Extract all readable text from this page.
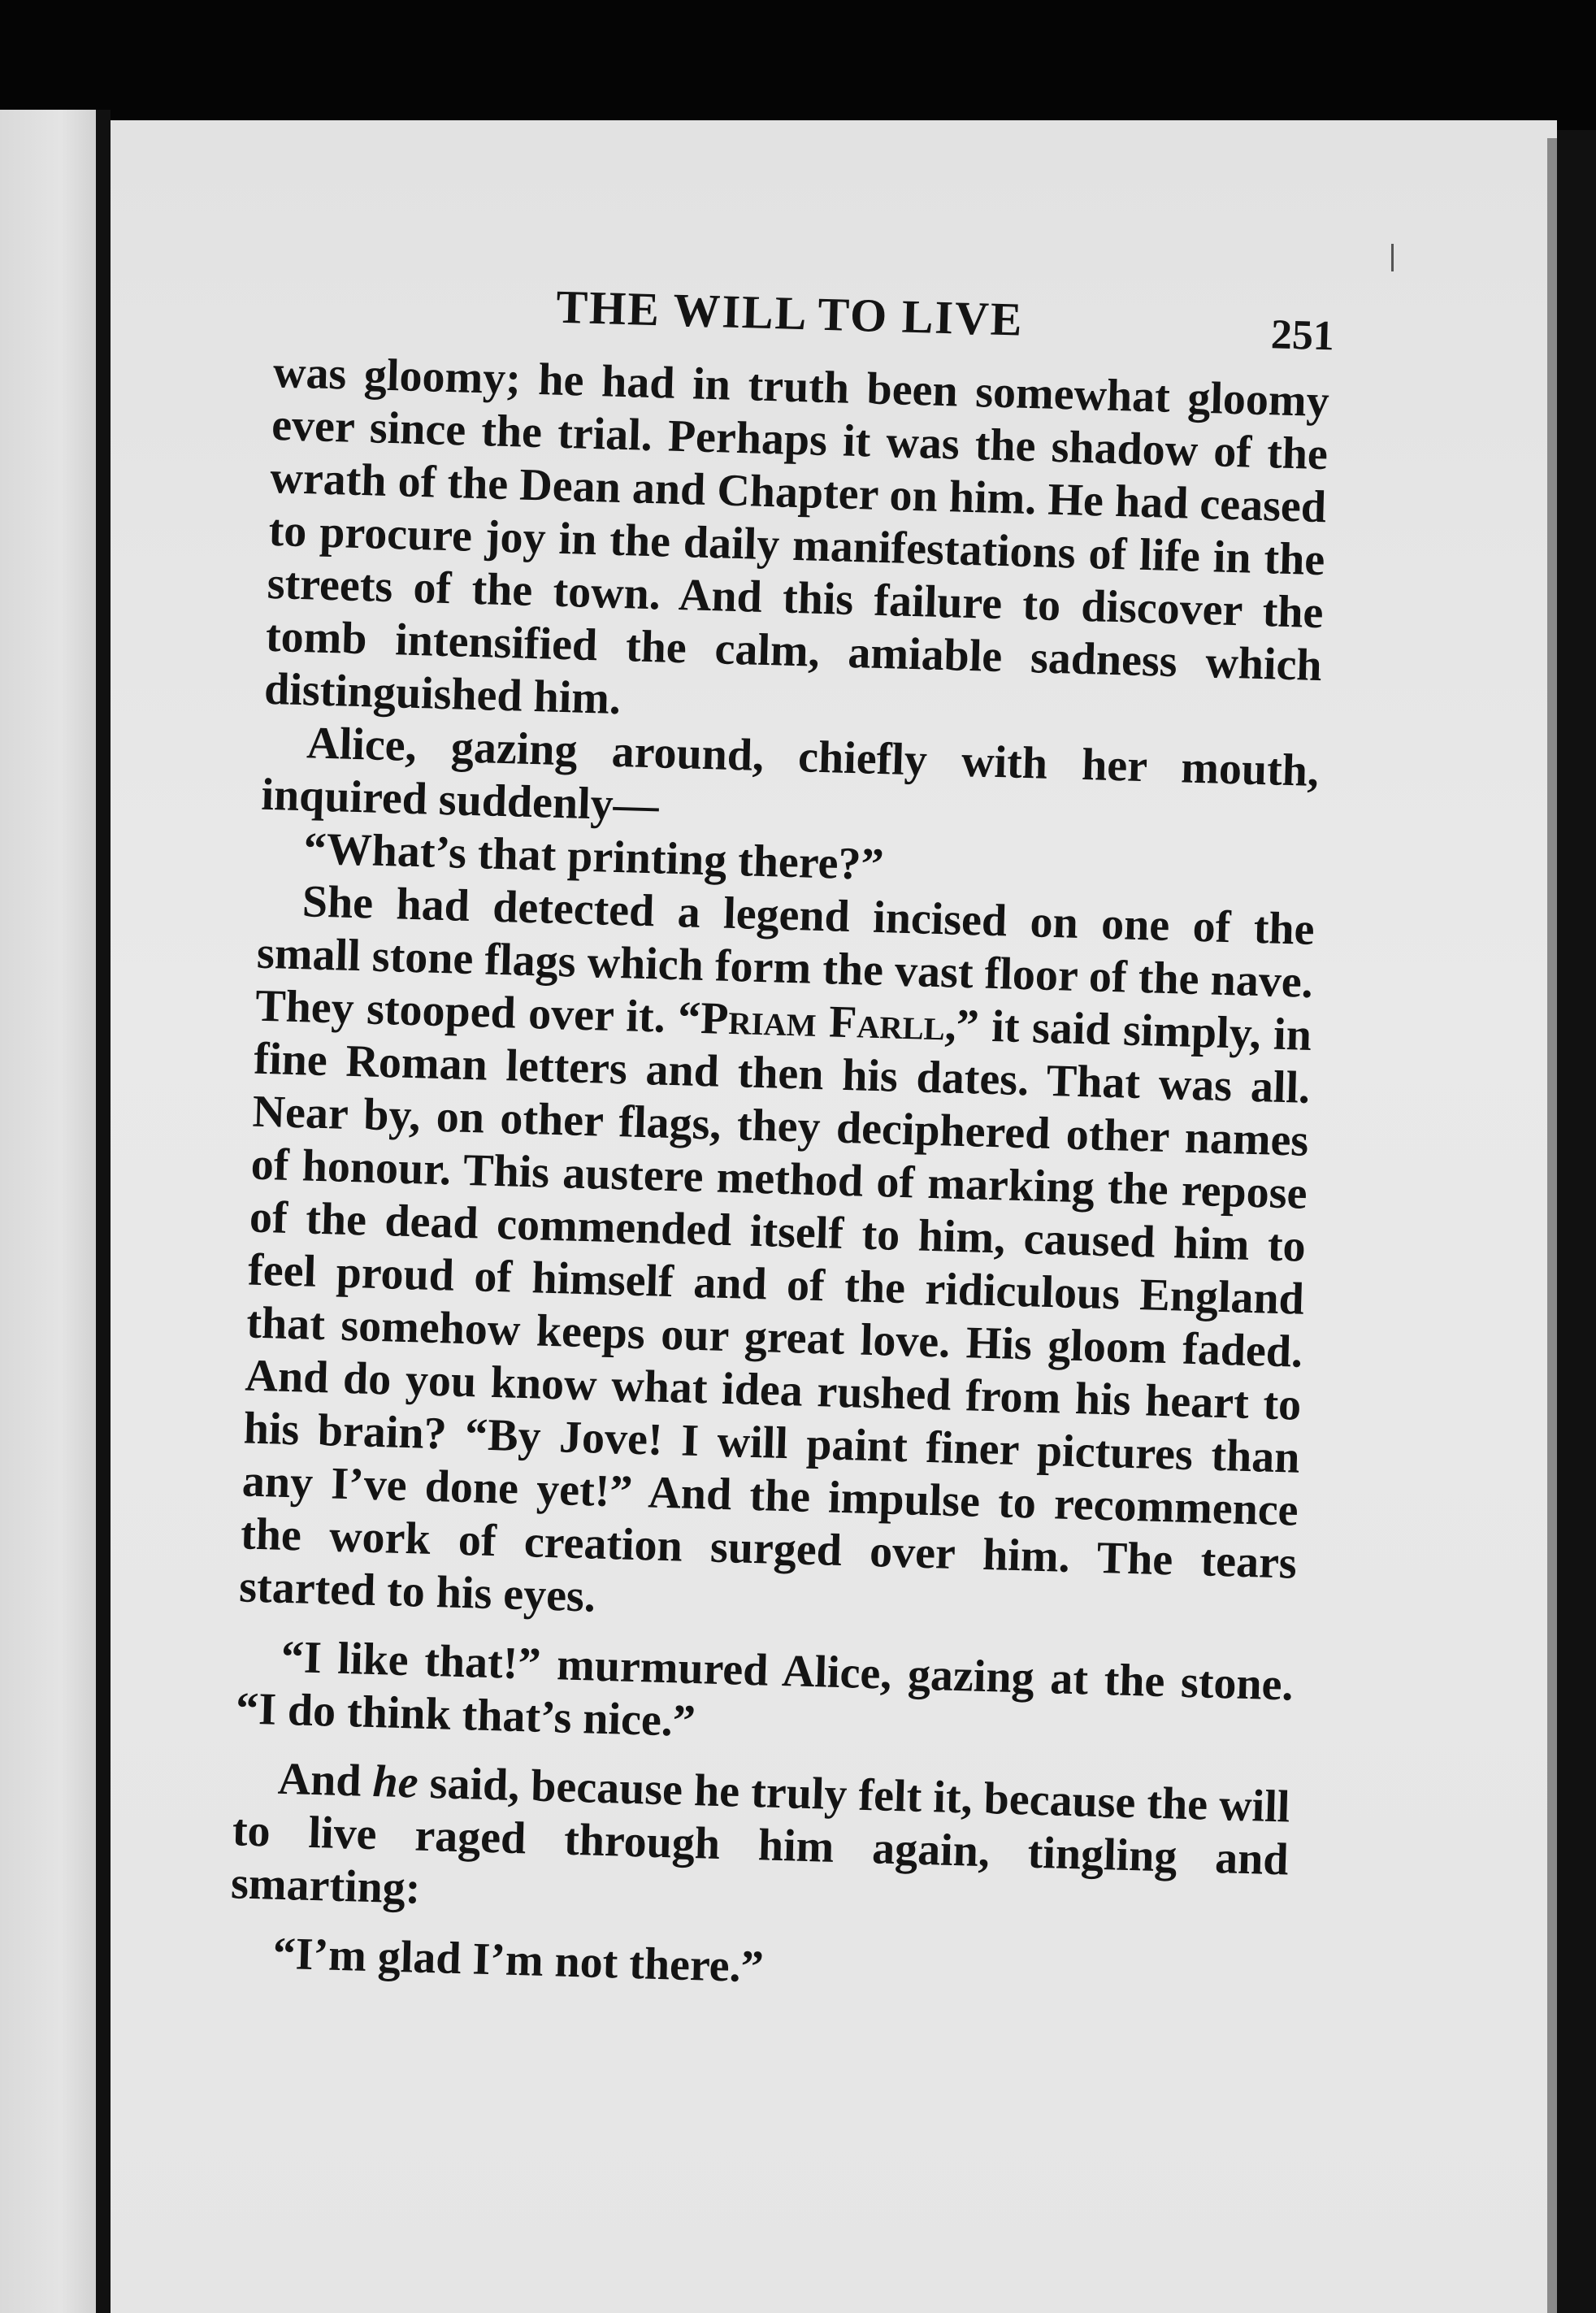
THE WILL TO LIVE	251

was gloomy; he had in truth been somewhat gloomy ever since the trial. Perhaps it was the shadow of the wrath of the Dean and Chapter on him. He had ceased to procure joy in the daily manifestations of life in the streets of the town. And this failure to discover the tomb intensified the calm, amiable sadness which distinguished him.

Alice, gazing around, chiefly with her mouth, inquired suddenly—

“What’s that printing there?”

She had detected a legend incised on one of the small stone flags which form the vast floor of the nave. They stooped over it. “Priam Farll,” it said simply, in fine Roman letters and then his dates. That was all. Near by, on other flags, they deciphered other names of honour. This austere method of marking the repose of the dead commended itself to him, caused him to feel proud of himself and of the ridiculous England that somehow keeps our great love. His gloom faded. And do you know what idea rushed from his heart to his brain? “By Jove! I will paint finer pictures than any I’ve done yet!” And the impulse to recommence the work of creation surged over him. The tears started to his eyes.

“I like that!” murmured Alice, gazing at the stone. “I do think that’s nice.”

And he said, because he truly felt it, because the will to live raged through him again, tingling and smarting:

“I’m glad I’m not there.”
